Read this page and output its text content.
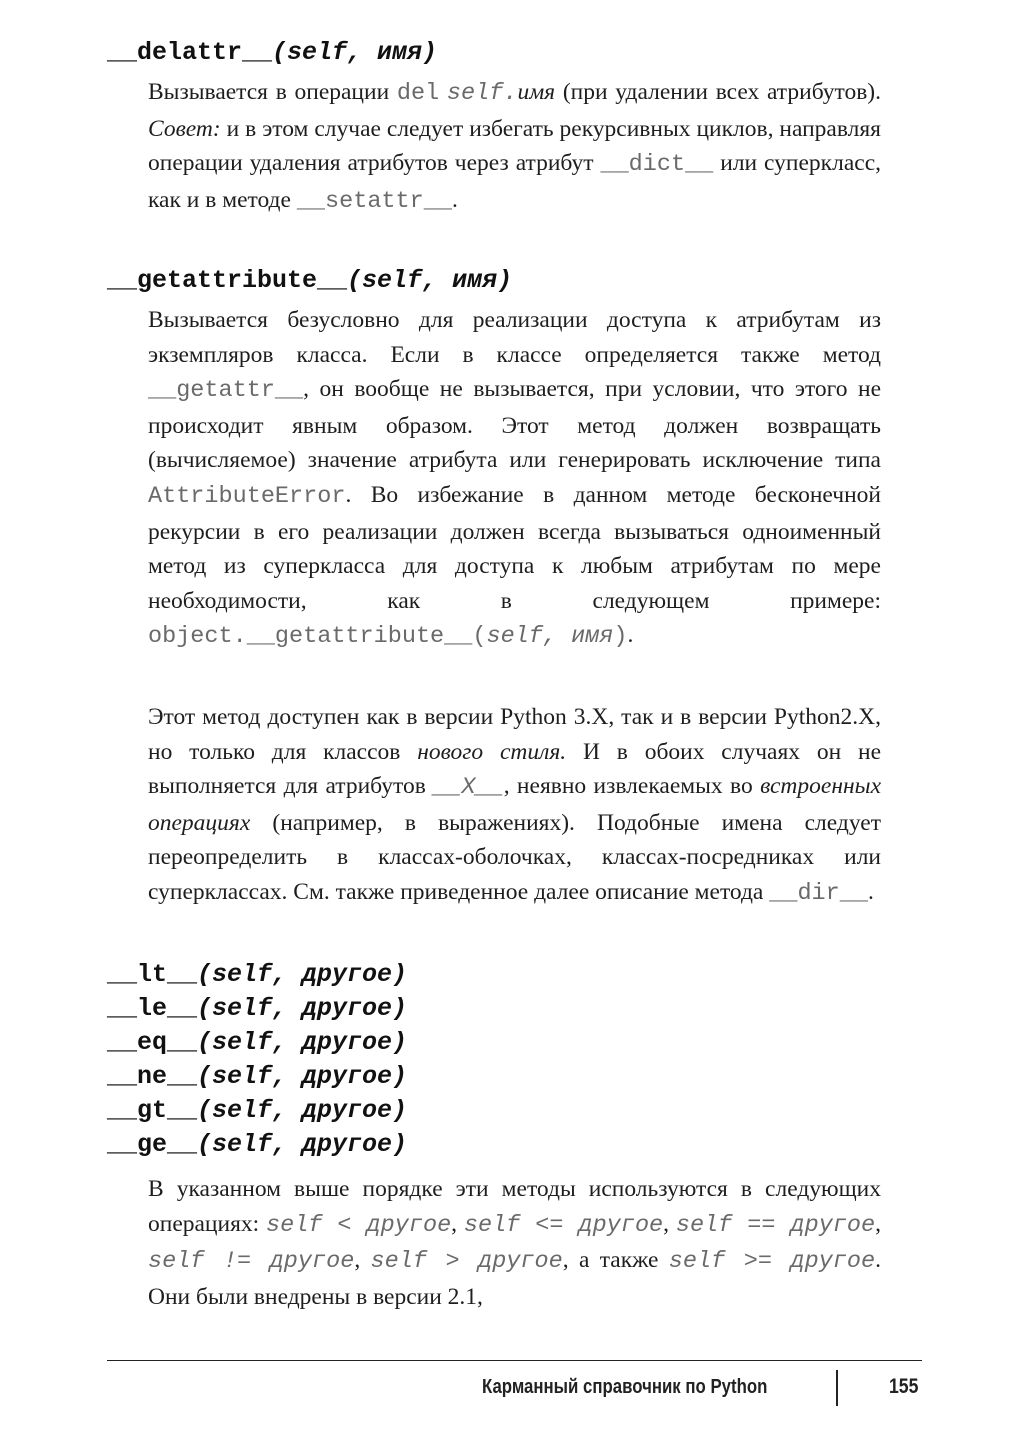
__delattr__(self, имя)

Вызывается в операции del self.имя (при удалении всех атрибутов). Совет: и в этом случае следует избегать рекурсивных циклов, направляя операции удаления атрибутов через атрибут __dict__ или суперкласс, как и в методе __setattr__.

__getattribute__(self, имя)

Вызывается безусловно для реализации доступа к атрибутам из экземпляров класса. Если в классе определяется также метод __getattr__, он вообще не вызывается, при условии, что этого не происходит явным образом. Этот метод должен возвращать (вычисляемое) значение атрибута или генерировать исключение типа AttributeError. Во избежание в данном методе бесконечной рекурсии в его реализации должен всегда вызываться одноименный метод из суперкласса для доступа к любым атрибутам по мере необходимости, как в следующем примере: object.__getattribute__(self, имя).

Этот метод доступен как в версии Python 3.X, так и в версии Python2.X, но только для классов нового стиля. И в обоих случаях он не выполняется для атрибутов __X__, неявно извлекаемых во встроенных операциях (например, в выражениях). Подобные имена следует переопределить в классах-оболочках, классах-посредниках или суперклассах. См. также приведенное далее описание метода __dir__.

__lt__(self, другое)
__le__(self, другое)
__eq__(self, другое)
__ne__(self, другое)
__gt__(self, другое)
__ge__(self, другое)

В указанном выше порядке эти методы используются в следующих операциях: self < другое, self <= другое, self == другое, self != другое, self > другое, а также self >= другое. Они были внедрены в версии 2.1,

Карманный справочник по Python	155
